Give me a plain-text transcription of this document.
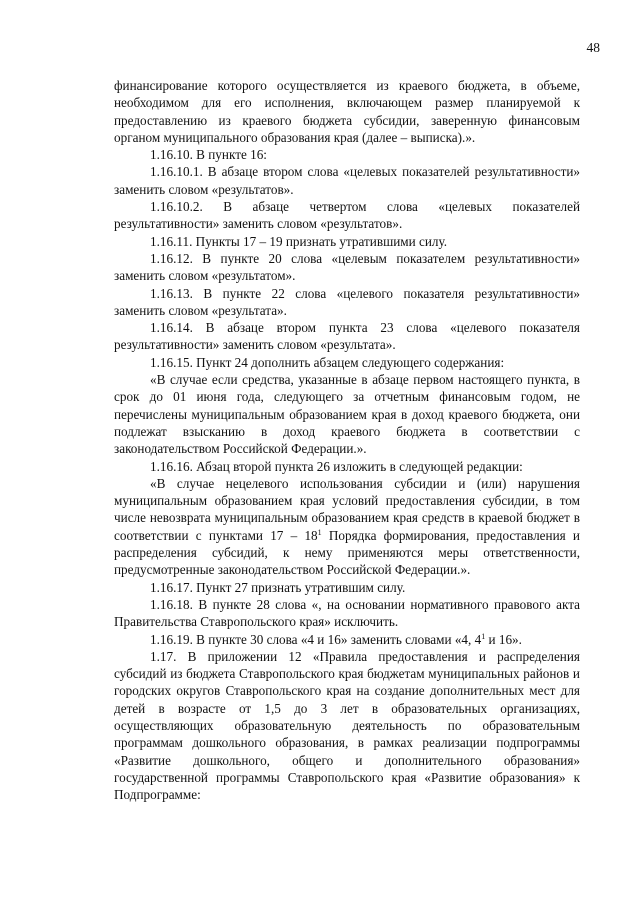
48

финансирование которого осуществляется из краевого бюджета, в объеме, необходимом для его исполнения, включающем размер планируемой к предоставлению из краевого бюджета субсидии, заверенную финансовым органом муниципального образования края (далее – выписка).».

1.16.10. В пункте 16:

1.16.10.1. В абзаце втором слова «целевых показателей результативности» заменить словом «результатов».

1.16.10.2. В абзаце четвертом слова «целевых показателей результативности» заменить словом «результатов».

1.16.11. Пункты 17 – 19 признать утратившими силу.

1.16.12. В пункте 20 слова «целевым показателем результативности» заменить словом «результатом».

1.16.13. В пункте 22 слова «целевого показателя результативности» заменить словом «результата».

1.16.14. В абзаце втором пункта 23 слова «целевого показателя результативности» заменить словом «результата».

1.16.15. Пункт 24 дополнить абзацем следующего содержания:

«В случае если средства, указанные в абзаце первом настоящего пункта, в срок до 01 июня года, следующего за отчетным финансовым годом, не перечислены муниципальным образованием края в доход краевого бюджета, они подлежат взысканию в доход краевого бюджета в соответствии с законодательством Российской Федерации.».

1.16.16. Абзац второй пункта 26 изложить в следующей редакции:

«В случае нецелевого использования субсидии и (или) нарушения муниципальным образованием края условий предоставления субсидии, в том числе невозврата муниципальным образованием края средств в краевой бюджет в соответствии с пунктами $17 - 18^1$ Порядка формирования, предоставления и распределения субсидий, к нему применяются меры ответственности, предусмотренные законодательством Российской Федерации.».

1.16.17. Пункт 27 признать утратившим силу.

1.16.18. В пункте 28 слова «, на основании нормативного правового акта Правительства Ставропольского края» исключить.

1.16.19. В пункте 30 слова «4 и 16» заменить словами «4, $4^1$ и 16».

1.17. В приложении 12 «Правила предоставления и распределения субсидий из бюджета Ставропольского края бюджетам муниципальных районов и городских округов Ставропольского края на создание дополнительных мест для детей в возрасте от 1,5 до 3 лет в образовательных организациях, осуществляющих образовательную деятельность по образовательным программам дошкольного образования, в рамках реализации подпрограммы «Развитие дошкольного, общего и дополнительного образования» государственной программы Ставропольского края «Развитие образования» к Подпрограмме:
